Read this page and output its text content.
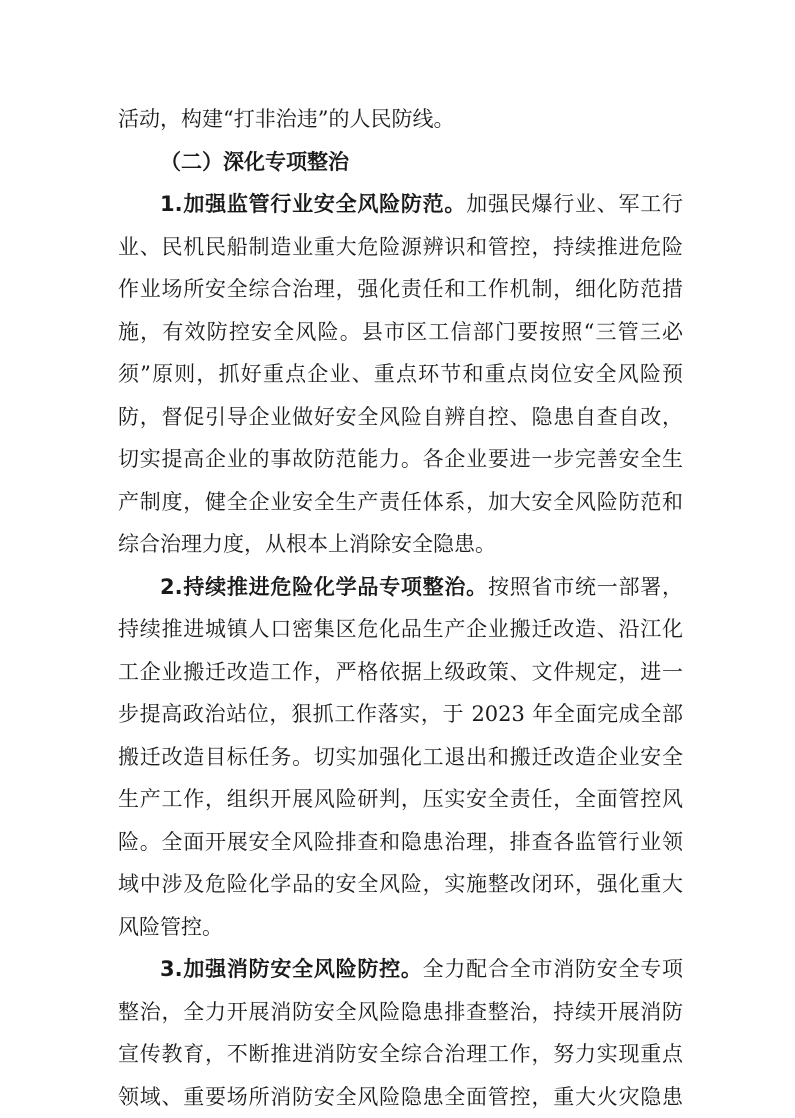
活动，构建“打非治违”的人民防线。
（二）深化专项整治
1.加强监管行业安全风险防范。加强民爆行业、军工行
业、民机民船制造业重大危险源辨识和管控，持续推进危险
作业场所安全综合治理，强化责任和工作机制，细化防范措
施，有效防控安全风险。县市区工信部门要按照“三管三必
须”原则，抓好重点企业、重点环节和重点岗位安全风险预
防，督促引导企业做好安全风险自辨自控、隐患自查自改，
切实提高企业的事故防范能力。各企业要进一步完善安全生
产制度，健全企业安全生产责任体系，加大安全风险防范和
综合治理力度，从根本上消除安全隐患。
2.持续推进危险化学品专项整治。按照省市统一部署，
持续推进城镇人口密集区危化品生产企业搬迁改造、沿江化
工企业搬迁改造工作，严格依据上级政策、文件规定，进一
步提高政治站位，狠抓工作落实，于 2023 年全面完成全部
搬迁改造目标任务。切实加强化工退出和搬迁改造企业安全
生产工作，组织开展风险研判，压实安全责任，全面管控风
险。全面开展安全风险排查和隐患治理，排查各监管行业领
域中涉及危险化学品的安全风险，实施整改闭环，强化重大
风险管控。
3.加强消防安全风险防控。全力配合全市消防安全专项
整治，全力开展消防安全风险隐患排查整治，持续开展消防
宣传教育，不断推进消防安全综合治理工作，努力实现重点
领域、重要场所消防安全风险隐患全面管控，重大火灾隐患
